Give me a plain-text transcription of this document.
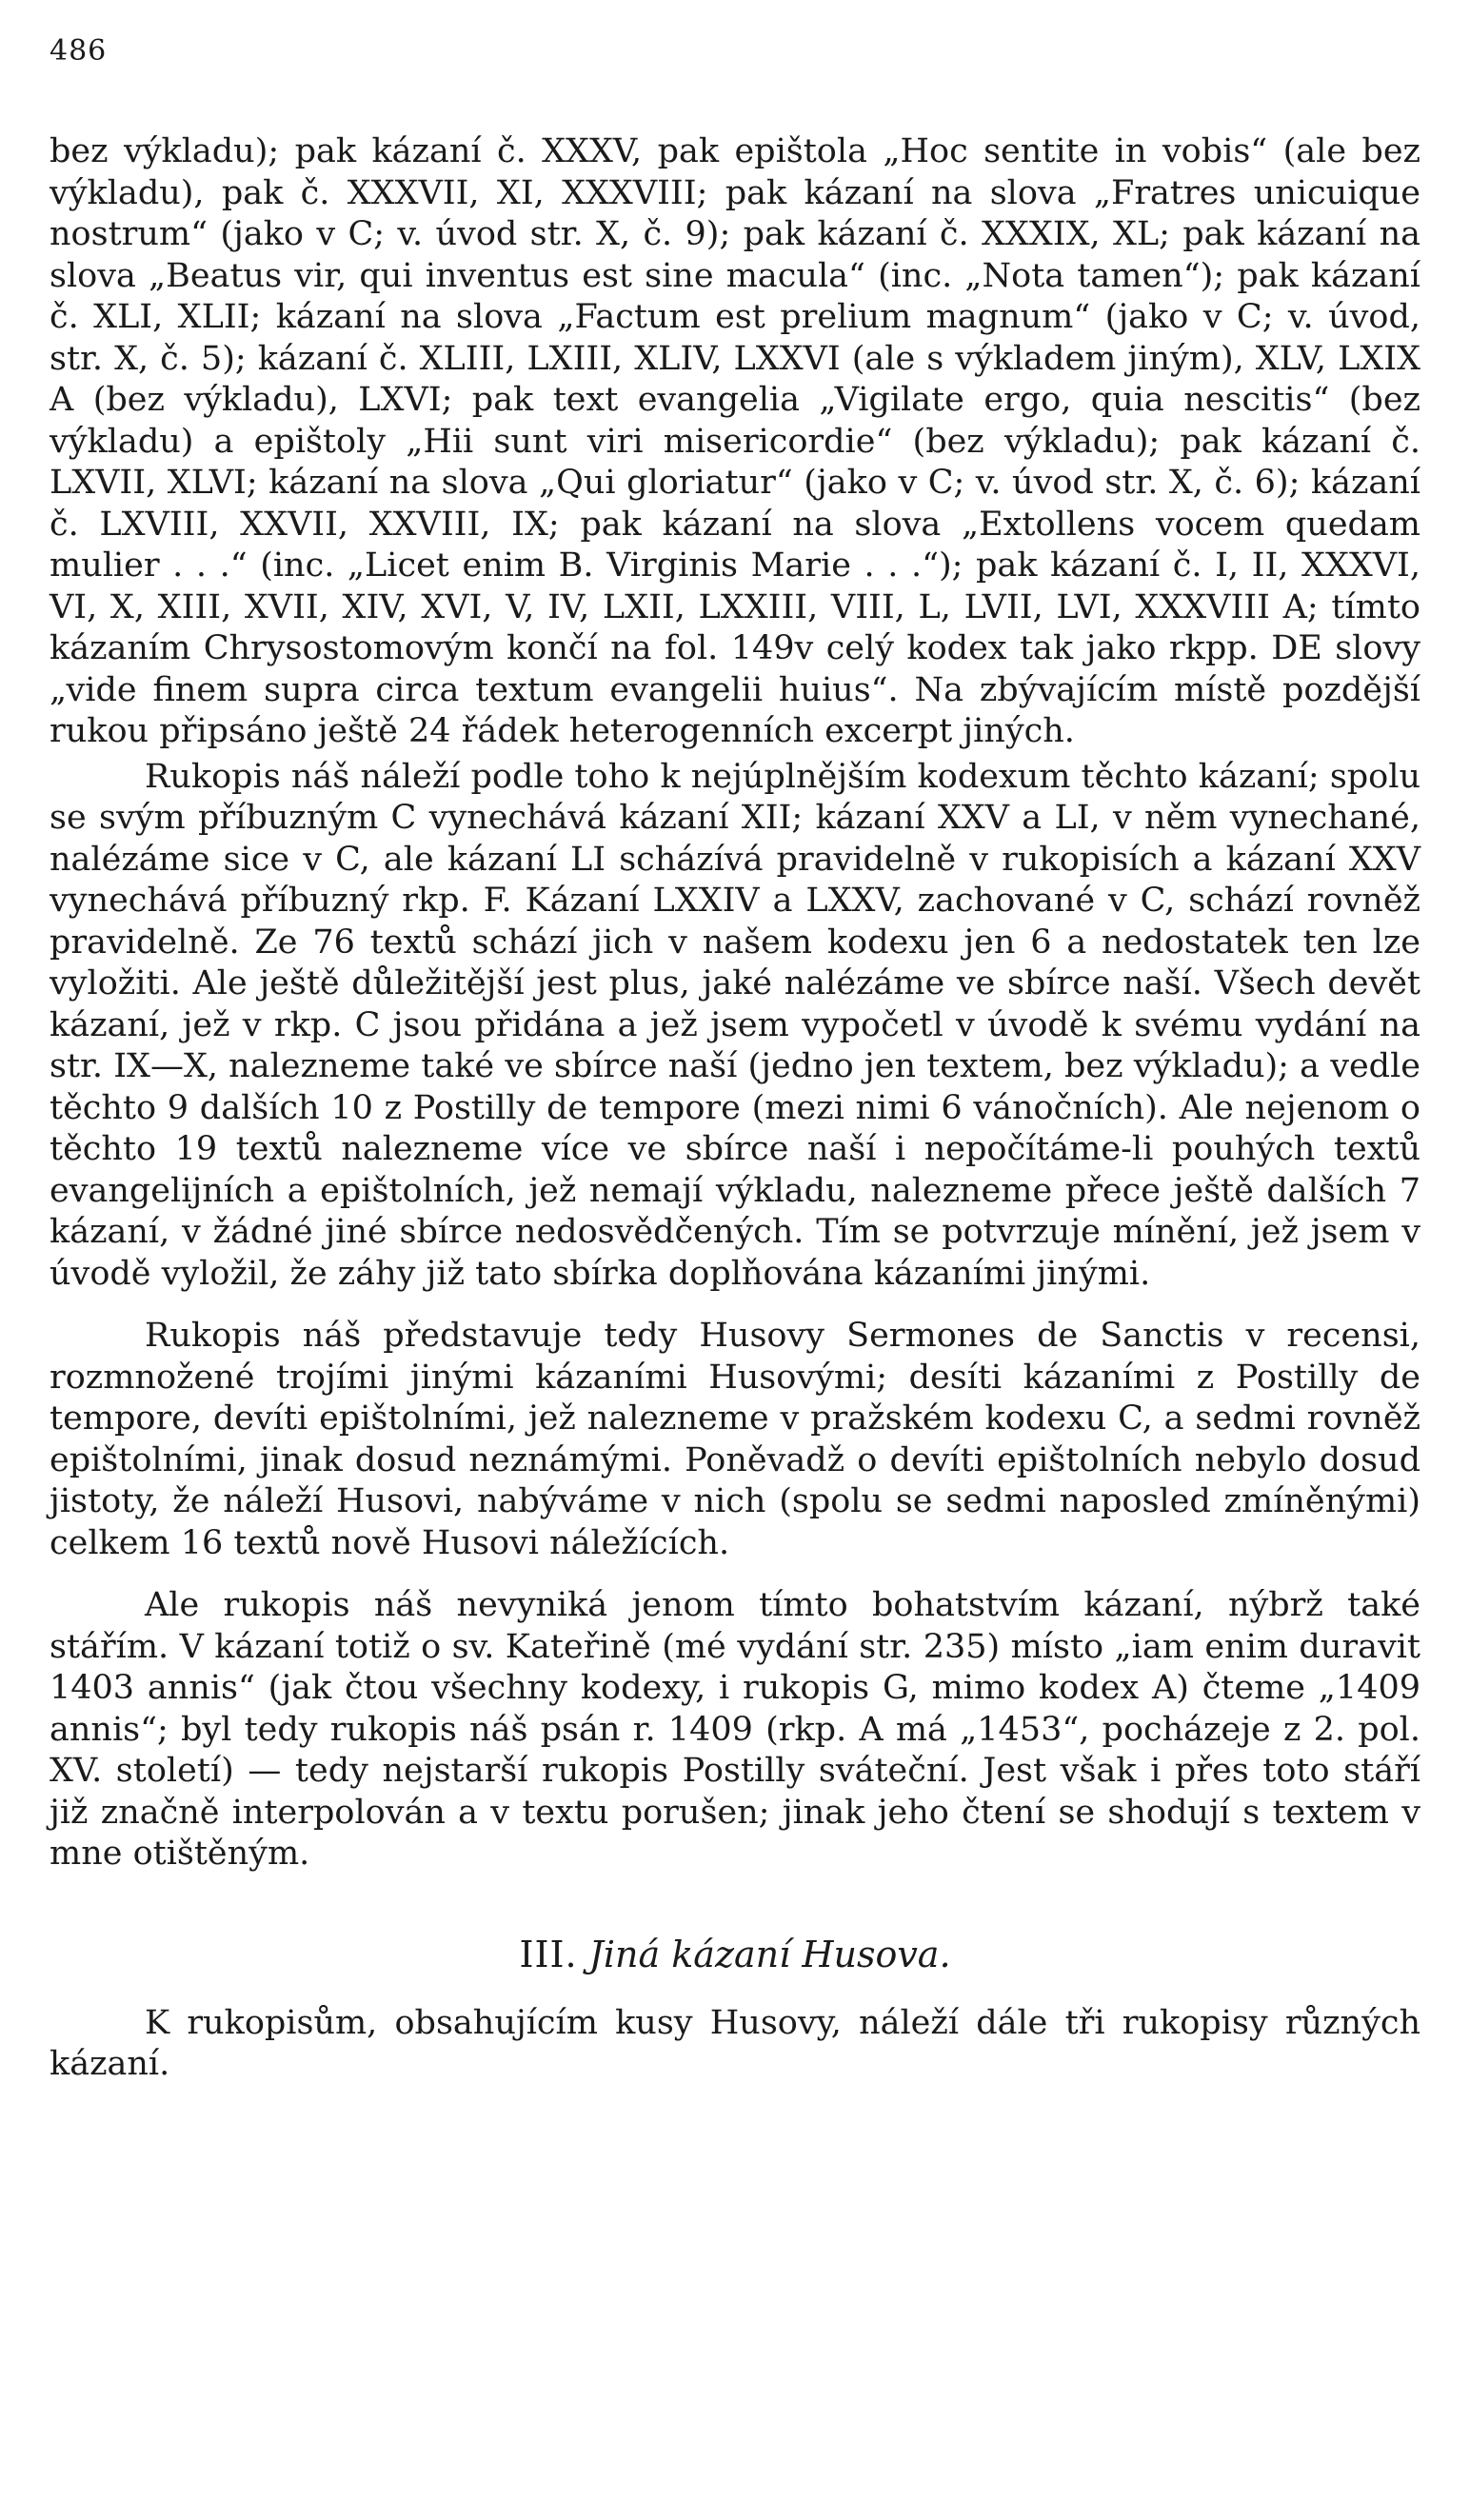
486

bez výkladu); pak kázaní č. XXXV, pak epištola „Hoc sentite in vobis“ (ale bez výkladu), pak č. XXXVII, XI, XXXVIII; pak kázaní na slova „Fratres unicuique nostrum“ (jako v C; v. úvod str. X, č. 9); pak kázaní č. XXXIX, XL; pak kázaní na slova „Beatus vir, qui inventus est sine macula“ (inc. „Nota tamen“); pak kázaní č. XLI, XLII; kázaní na slova „Factum est prelium magnum“ (jako v C; v. úvod, str. X, č. 5); kázaní č. XLIII, LXIII, XLIV, LXXVI (ale s výkladem jiným), XLV, LXIX A (bez výkladu), LXVI; pak text evangelia „Vigilate ergo, quia nescitis“ (bez výkladu) a epištoly „Hii sunt viri misericordie“ (bez výkladu); pak kázaní č. LXVII, XLVI; kázaní na slova „Qui gloriatur“ (jako v C; v. úvod str. X, č. 6); kázaní č. LXVIII, XXVII, XXVIII, IX; pak kázaní na slova „Extollens vocem quedam mulier . . .“ (inc. „Licet enim B. Virginis Marie . . .“); pak kázaní č. I, II, XXXVI, VI, X, XIII, XVII, XIV, XVI, V, IV, LXII, LXXIII, VIII, L, LVII, LVI, XXXVIII A; tímto kázaním Chrysostomovým končí na fol. 149v celý kodex tak jako rkpp. DE slovy „vide finem supra circa textum evangelii huius“. Na zbývajícím místě pozdější rukou připsáno ještě 24 řádek heterogenních excerpt jiných.

Rukopis náš náleží podle toho k nejúplnějším kodexum těchto kázaní; spolu se svým příbuzným C vynechává kázaní XII; kázaní XXV a LI, v něm vynechané, nalézáme sice v C, ale kázaní LI scházívá pravidelně v rukopisích a kázaní XXV vynechává příbuzný rkp. F. Kázaní LXXIV a LXXV, zachované v C, schází rovněž pravidelně. Ze 76 textů schází jich v našem kodexu jen 6 a nedostatek ten lze vyložiti. Ale ještě důležitější jest plus, jaké nalézáme ve sbírce naší. Všech devět kázaní, jež v rkp. C jsou přidána a jež jsem vypočetl v úvodě k svému vydání na str. IX—X, nalezneme také ve sbírce naší (jedno jen textem, bez výkladu); a vedle těchto 9 dalších 10 z Postilly de tempore (mezi nimi 6 vánočních). Ale nejenom o těchto 19 textů naleznemе více ve sbírce naší i nepočítáme-li pouhých textů evangelijních a epištolních, jež nemají výkladu, nalezneme přece ještě dalších 7 kázaní, v žádné jiné sbírce nedosvědčených. Tím se potvrzuje mínění, jež jsem v úvodě vyložil, že záhy již tato sbírka doplňována kázaními jinými.

Rukopis náš představuje tedy Husovy Sermones de Sanctis v recensi, rozmnožené trojími jinými kázaními Husovými; desíti kázaními z Postilly de tempore, devíti epištolními, jež nalezneme v pražském kodexu C, a sedmi rovněž epištolními, jinak dosud neznámými. Poněvadž o devíti epištolních nebylo dosud jistoty, že náleží Husovi, nabýváme v nich (spolu se sedmi naposled zmíněnými) celkem 16 textů nově Husovi náležících.

Ale rukopis náš nevyniká jenom tímto bohatstvím kázaní, nýbrž také stářím. V kázaní totiž o sv. Kateřině (mé vydání str. 235) místo „iam enim duravit 1403 annis“ (jak čtou všechny kodexy, i rukopis G, mimo kodex A) čteme „1409 annis“; byl tedy rukopis náš psán r. 1409 (rkp. A má „1453“, pocházeje z 2. pol. XV. století) — tedy nejstarší rukopis Postilly sváteční. Jest však i přes toto stáří již značně interpolován a v textu porušen; jinak jeho čtení se shodují s textem v mne otištěným.

III. Jiná kázaní Husova.

K rukopisům, obsahujícím kusy Husovy, náleží dále tři rukopisy různých kázaní.
